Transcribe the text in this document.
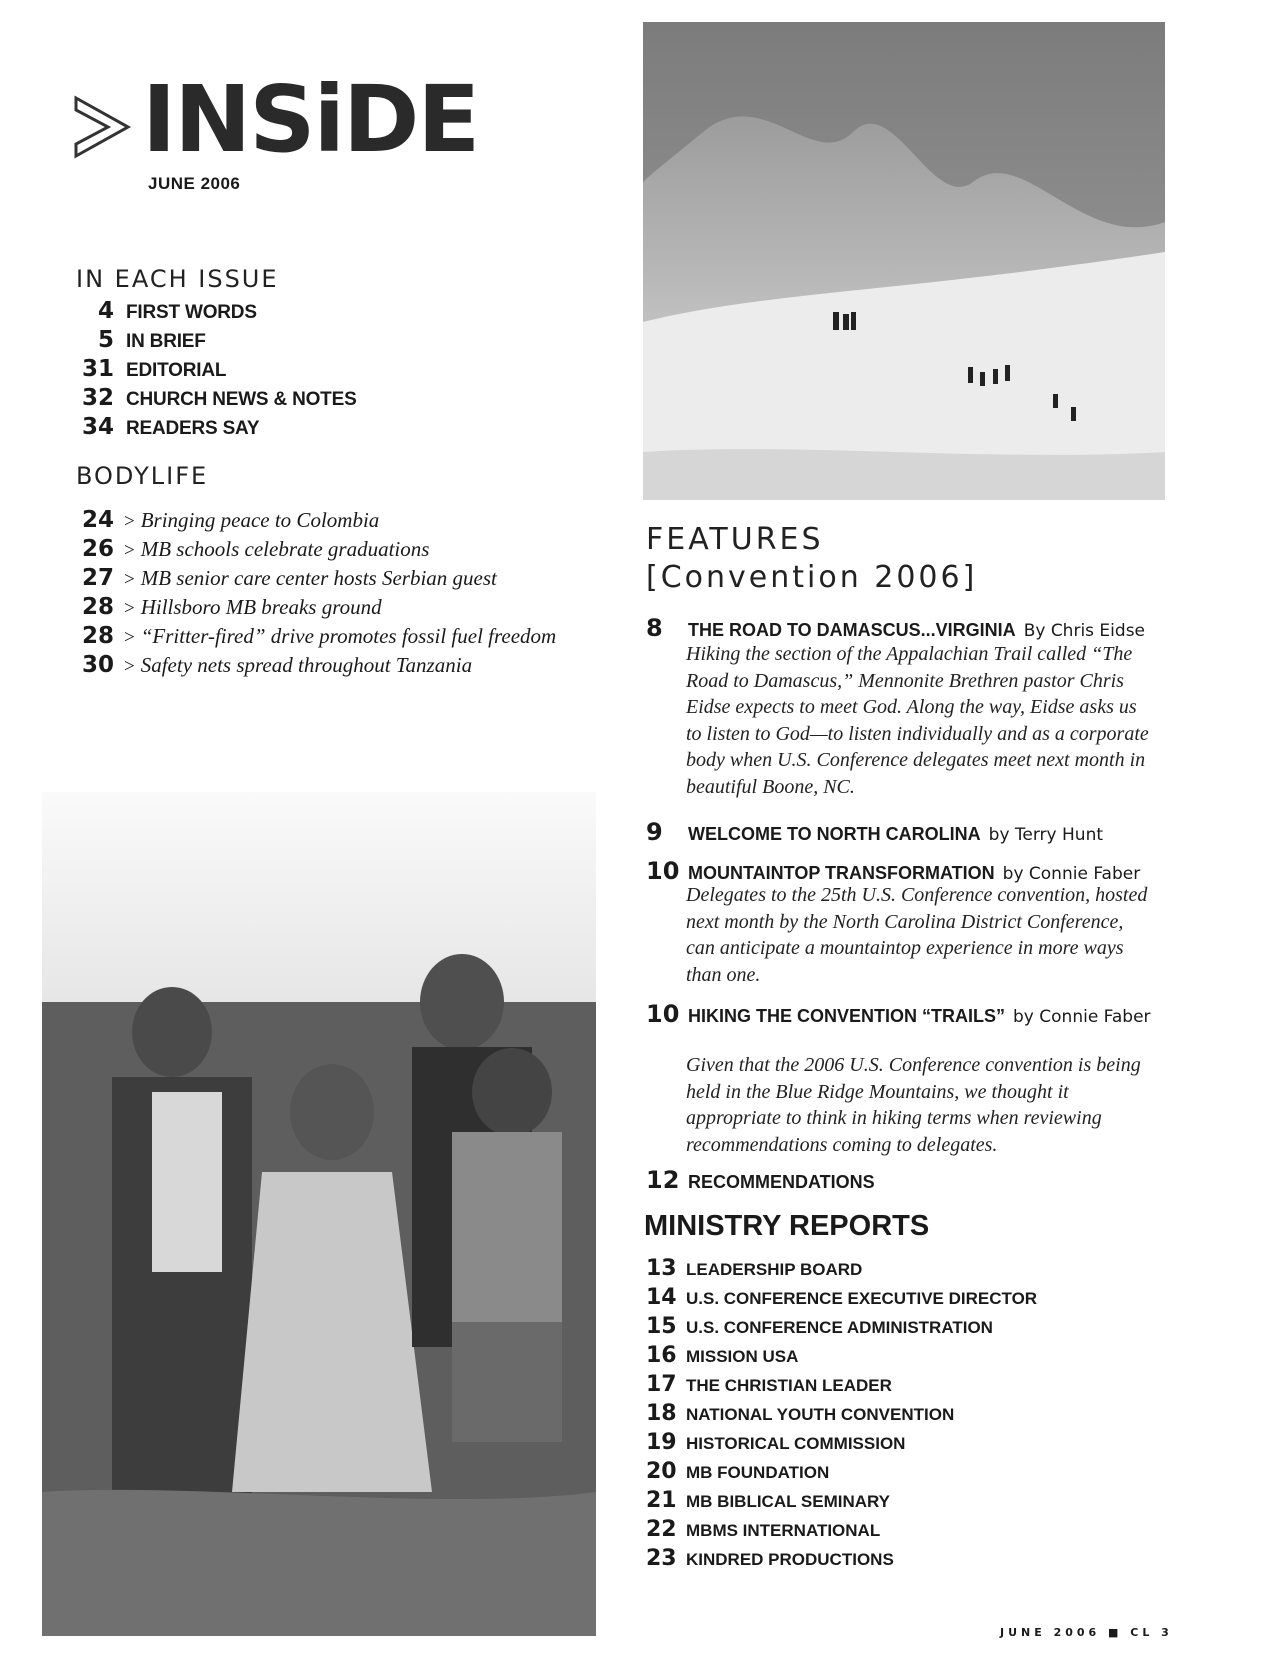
INSiDE
JUNE 2006
IN EACH ISSUE
4 FIRST WORDS
5 IN BRIEF
31 EDITORIAL
32 CHURCH NEWS & NOTES
34 READERS SAY
BODYLIFE
24 > Bringing peace to Colombia
26 > MB schools celebrate graduations
27 > MB senior care center hosts Serbian guest
28 > Hillsboro MB breaks ground
28 > “Fritter-fired” drive promotes fossil fuel freedom
30 > Safety nets spread throughout Tanzania
FEATURES
[Convention 2006]
8	THE ROAD TO DAMASCUS...VIRGINIA By Chris Eidse
Hiking the section of the Appalachian Trail called “The Road to Damascus,” Mennonite Brethren pastor Chris Eidse expects to meet God. Along the way, Eidse asks us to listen to God—to listen individually and as a corporate body when U.S. Conference delegates meet next month in beautiful Boone, NC.
9	WELCOME TO NORTH CAROLINA by Terry Hunt
10 MOUNTAINTOP TRANSFORMATION by Connie Faber
Delegates to the 25th U.S. Conference convention, hosted next month by the North Carolina District Conference, can anticipate a mountaintop experience in more ways than one.
10 HIKING THE CONVENTION “TRAILS” by Connie Faber
Given that the 2006 U.S. Conference convention is being held in the Blue Ridge Mountains, we thought it appropriate to think in hiking terms when reviewing recommendations coming to delegates.
12 RECOMMENDATIONS
MINISTRY REPORTS
13 LEADERSHIP BOARD
14 U.S. CONFERENCE EXECUTIVE DIRECTOR
15 U.S. CONFERENCE ADMINISTRATION
16 MISSION USA
17 THE CHRISTIAN LEADER
18 NATIONAL YOUTH CONVENTION
19 HISTORICAL COMMISSION
20 MB FOUNDATION
21 MB BIBLICAL SEMINARY
22 MBMS INTERNATIONAL
23 KINDRED PRODUCTIONS
JUNE 2006 ■ CL 3
